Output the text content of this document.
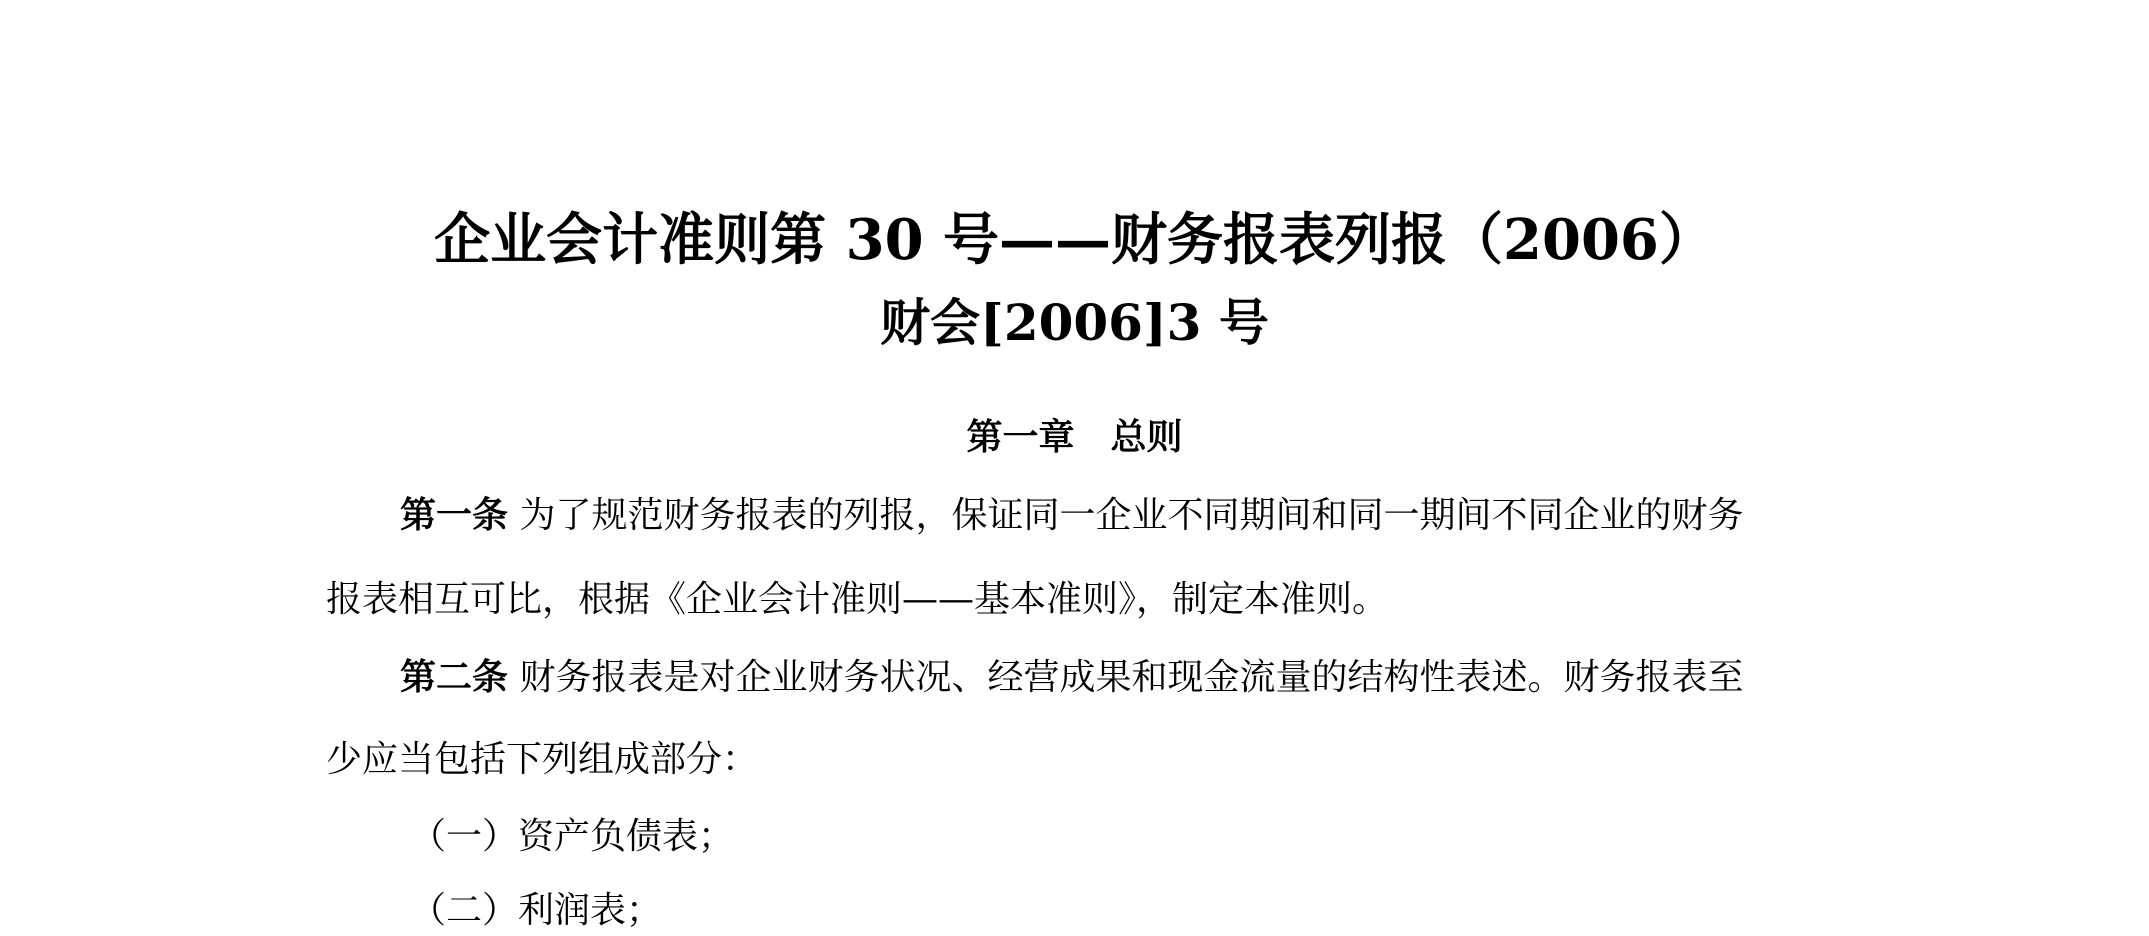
企业会计准则第 30 号——财务报表列报（2006）
财会[2006]3 号
第一章　总则
第一条 为了规范财务报表的列报，保证同一企业不同期间和同一期间不同企业的财务
报表相互可比，根据《企业会计准则——基本准则》，制定本准则。
第二条 财务报表是对企业财务状况、经营成果和现金流量的结构性表述。财务报表至
少应当包括下列组成部分：
（一）资产负债表；
（二）利润表；
